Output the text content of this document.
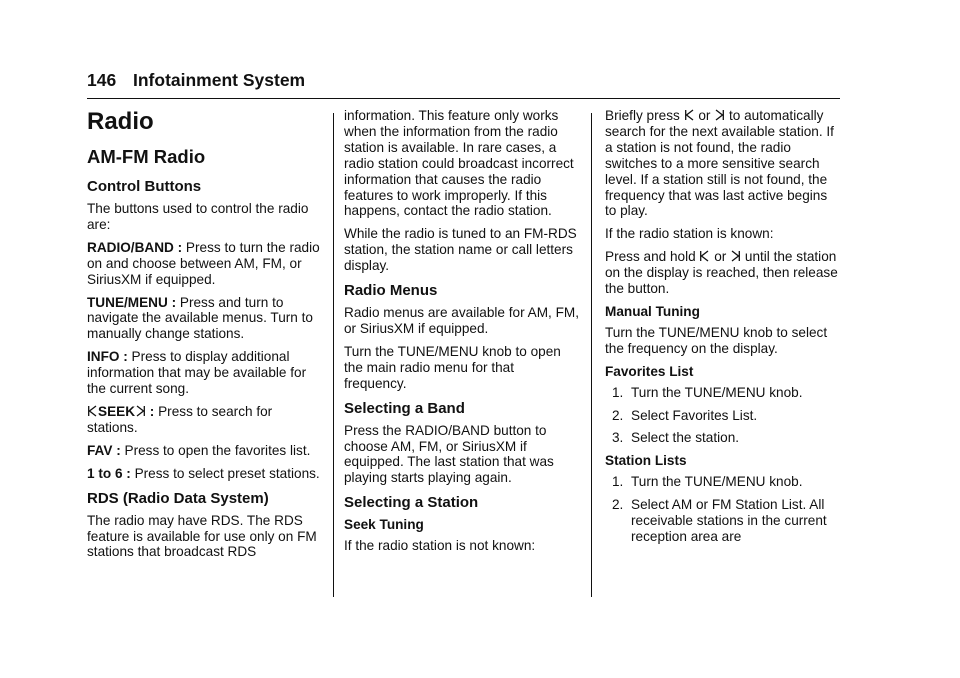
146 Infotainment System
Radio
AM-FM Radio
Control Buttons

The buttons used to control the radio are:

RADIO/BAND : Press to turn the radio on and choose between AM, FM, or SiriusXM if equipped.

TUNE/MENU : Press and turn to navigate the available menus. Turn to manually change stations.

INFO : Press to display additional information that may be available for the current song.

SEEK
: Press to search for stations.

FAV : Press to open the favorites list.

1 to 6 : Press to select preset stations.

RDS (Radio Data System)

The radio may have RDS. The RDS feature is available for use only on FM stations that broadcast RDS

information. This feature only works when the information from the radio station is available. In rare cases, a radio station could broadcast incorrect information that causes the radio features to work improperly. If this happens, contact the radio station.

While the radio is tuned to an FM-RDS station, the station name or call letters display.

Radio Menus

Radio menus are available for AM, FM, or SiriusXM if equipped.

Turn the TUNE/MENU knob to open the main radio menu for that frequency.

Selecting a Band

Press the RADIO/BAND button to choose AM, FM, or SiriusXM if equipped. The last station that was playing starts playing again.

Selecting a Station
Seek Tuning

If the radio station is not known:

Briefly press
or
to automatically search for the next available station. If a station is not found, the radio switches to a more sensitive search level. If a station still is not found, the frequency that was last active begins to play.

If the radio station is known:

Press and hold
or
until the station on the display is reached, then release the button.

Manual Tuning

Turn the TUNE/MENU knob to select the frequency on the display.

Favorites List
1. Turn the TUNE/MENU knob.
2. Select Favorites List.
3. Select the station.
Station Lists
1. Turn the TUNE/MENU knob.
2. Select AM or FM Station List. All receivable stations in the current reception area are
